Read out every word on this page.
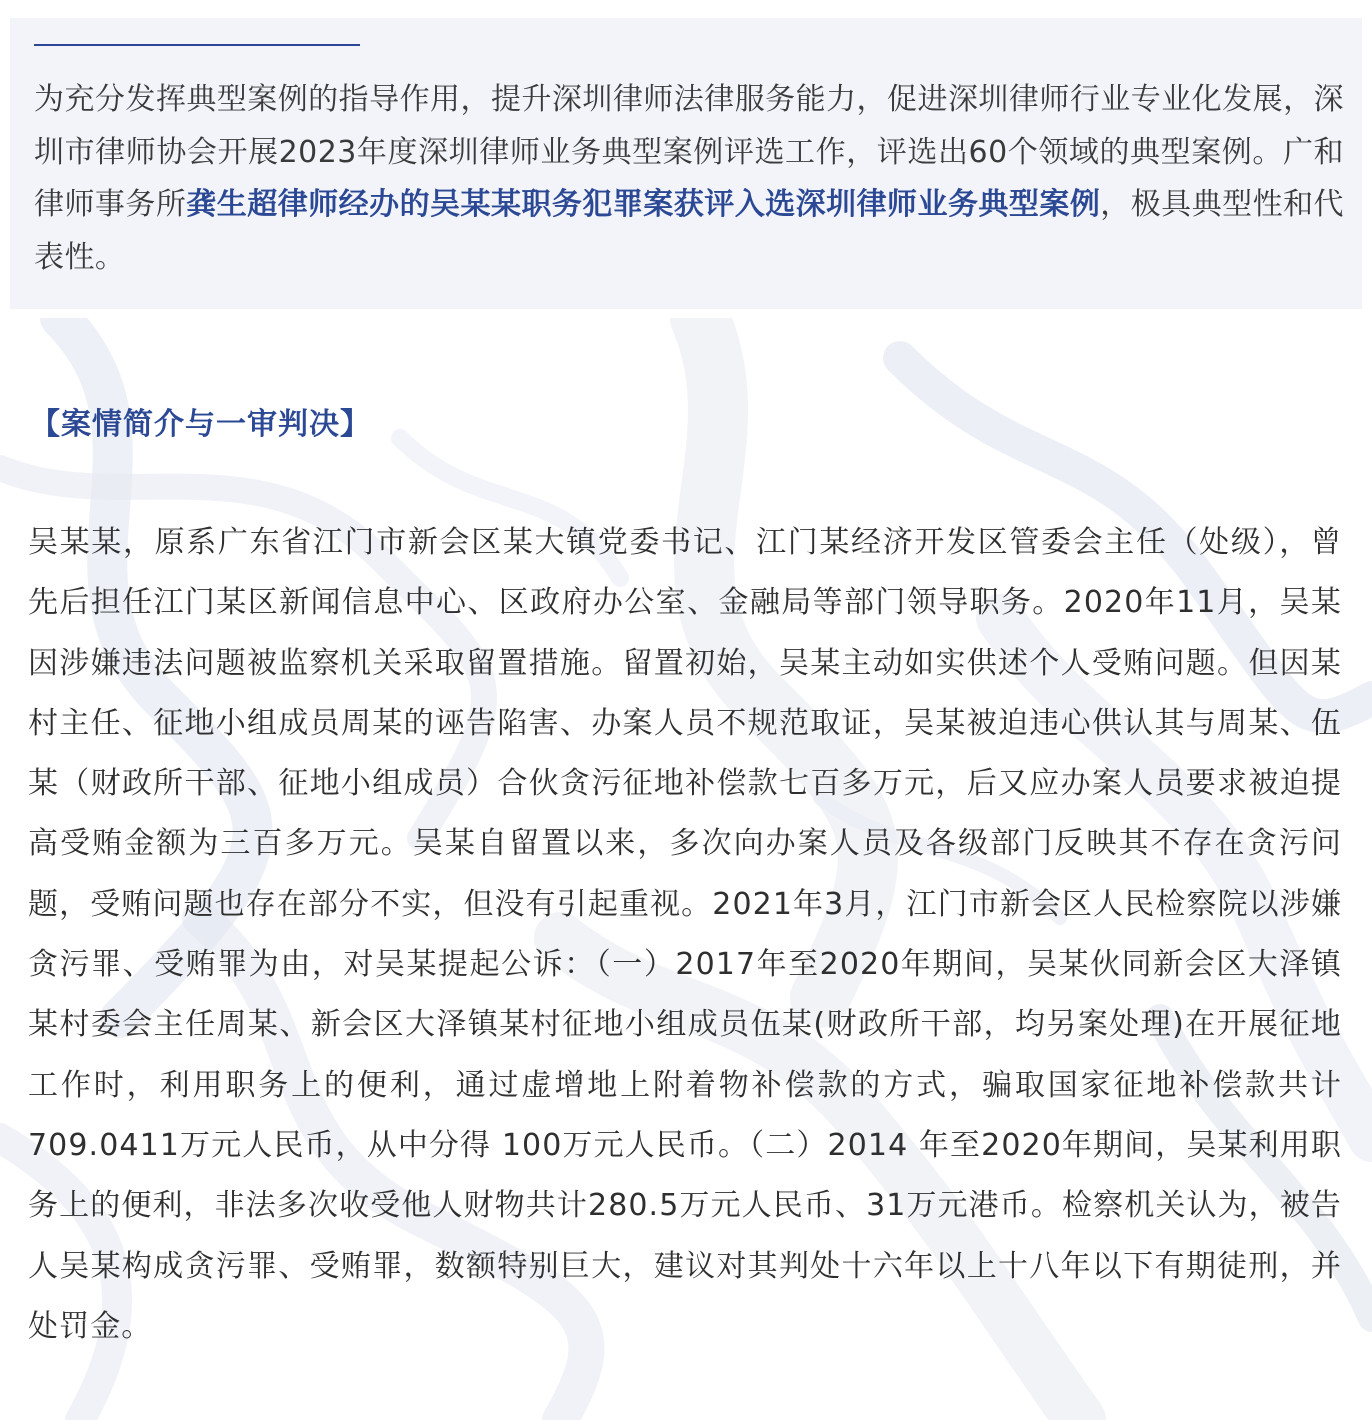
为充分发挥典型案例的指导作用，提升深圳律师法律服务能力，促进深圳律师行业专业化发展，深圳市律师协会开展2023年度深圳律师业务典型案例评选工作，评选出60个领域的典型案例。广和律师事务所龚生超律师经办的吴某某职务犯罪案获评入选深圳律师业务典型案例，极具典型性和代表性。

【案情简介与一审判决】

吴某某，原系广东省江门市新会区某大镇党委书记、江门某经济开发区管委会主任（处级），曾先后担任江门某区新闻信息中心、区政府办公室、金融局等部门领导职务。2020年11月，吴某因涉嫌违法问题被监察机关采取留置措施。留置初始，吴某主动如实供述个人受贿问题。但因某村主任、征地小组成员周某的诬告陷害、办案人员不规范取证，吴某被迫违心供认其与周某、伍某（财政所干部、征地小组成员）合伙贪污征地补偿款七百多万元，后又应办案人员要求被迫提高受贿金额为三百多万元。吴某自留置以来，多次向办案人员及各级部门反映其不存在贪污问题，受贿问题也存在部分不实，但没有引起重视。2021年3月，江门市新会区人民检察院以涉嫌贪污罪、受贿罪为由，对吴某提起公诉：（一）2017年至2020年期间，吴某伙同新会区大泽镇某村委会主任周某、新会区大泽镇某村征地小组成员伍某(财政所干部，均另案处理)在开展征地工作时，利用职务上的便利，通过虚增地上附着物补偿款的方式，骗取国家征地补偿款共计709.0411万元人民币，从中分得 100万元人民币。（二）2014 年至2020年期间，吴某利用职务上的便利，非法多次收受他人财物共计280.5万元人民币、31万元港币。检察机关认为，被告人吴某构成贪污罪、受贿罪，数额特别巨大，建议对其判处十六年以上十八年以下有期徒刑，并处罚金。
